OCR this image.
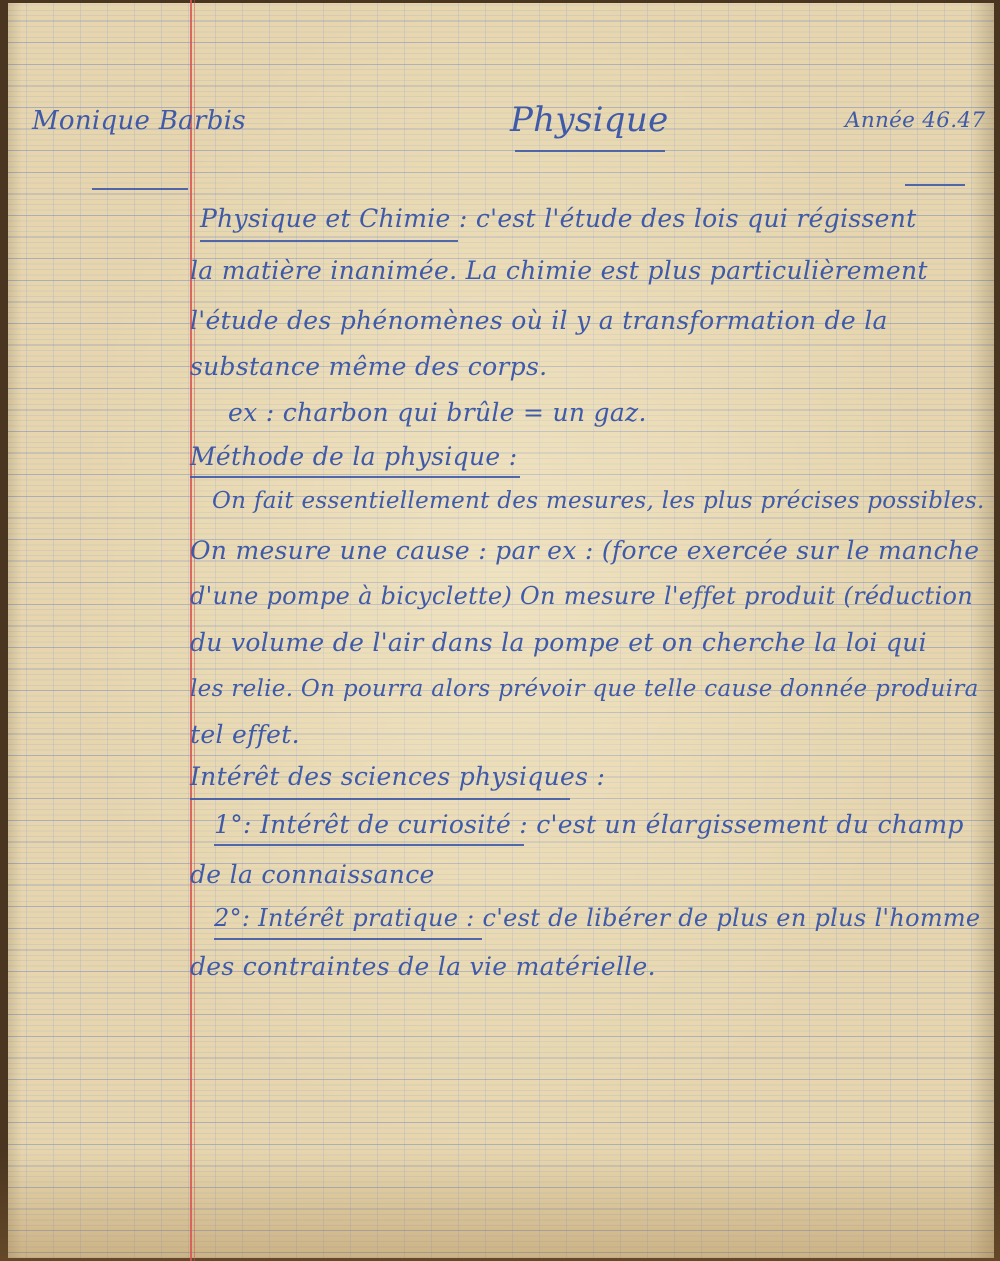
Monique Barbis	Physique	Année 46.47

Physique et Chimie : c'est l'étude des lois qui régissent

la matière inanimée. La chimie est plus particulièrement

l'étude des phénomènes où il y a transformation de la

substance même des corps.

ex : charbon qui brûle = un gaz.

Méthode de la physique :

On fait essentiellement des mesures, les plus précises possibles.

On mesure une cause : par ex : (force exercée sur le manche

d'une pompe à bicyclette) On mesure l'effet produit (réduction

du volume de l'air dans la pompe et on cherche la loi qui

les relie. On pourra alors prévoir que telle cause donnée produira

tel effet.

Intérêt des sciences physiques :

1°: Intérêt de curiosité : c'est un élargissement du champ

de la connaissance

2°: Intérêt pratique : c'est de libérer de plus en plus l'homme

des contraintes de la vie matérielle.
